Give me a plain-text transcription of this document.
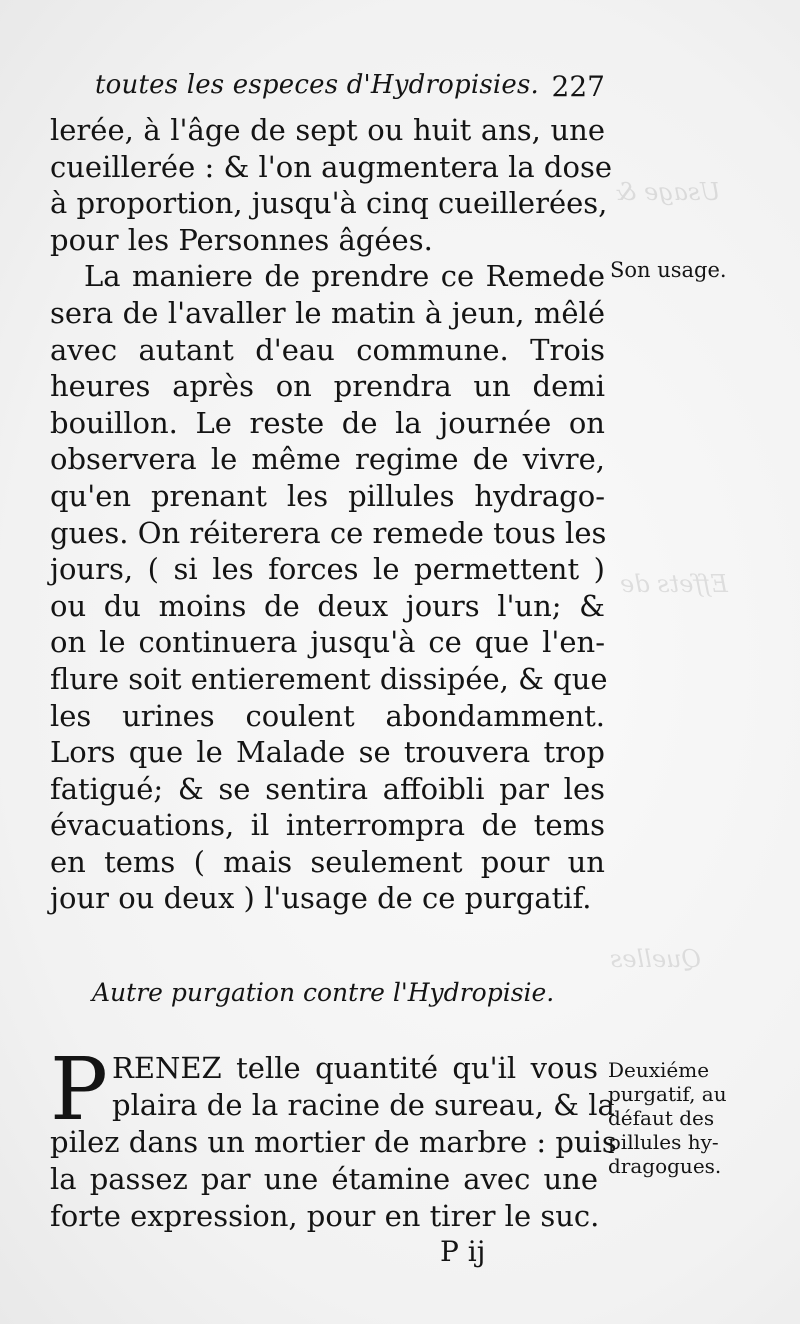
Usage &
Effets de
Quelles
toutes les especes d'Hydropisies. 227
lerée, à l'âge de sept ou huit ans, une
cueillerée : & l'on augmentera la dose
à proportion, jusqu'à cinq cueillerées,
pour les Personnes âgées.
La maniere de prendre ce Remede
sera de l'avaller le matin à jeun, mêlé
avec autant d'eau commune. Trois
heures après on prendra un demi
bouillon. Le reste de la journée on
observera le même regime de vivre,
qu'en prenant les pillules hydrago-
gues. On réiterera ce remede tous les
jours, ( si les forces le permettent )
ou du moins de deux jours l'un; &
on le continuera jusqu'à ce que l'en-
flure soit entierement dissipée, & que
les urines coulent abondamment.
Lors que le Malade se trouvera trop
fatigué; & se sentira affoibli par les
évacuations, il interrompra de tems
en tems ( mais seulement pour un
jour ou deux ) l'usage de ce purgatif.
Son usage.
Autre purgation contre l'Hydropisie.
P RENEZ telle quantité qu'il vous
plaira de la racine de sureau, & la
pilez dans un mortier de marbre : puis
la passez par une étamine avec une
forte expression, pour en tirer le suc.
Deuxiéme
purgatif, au
défaut des
pillules hy-
dragogues.
P ij
